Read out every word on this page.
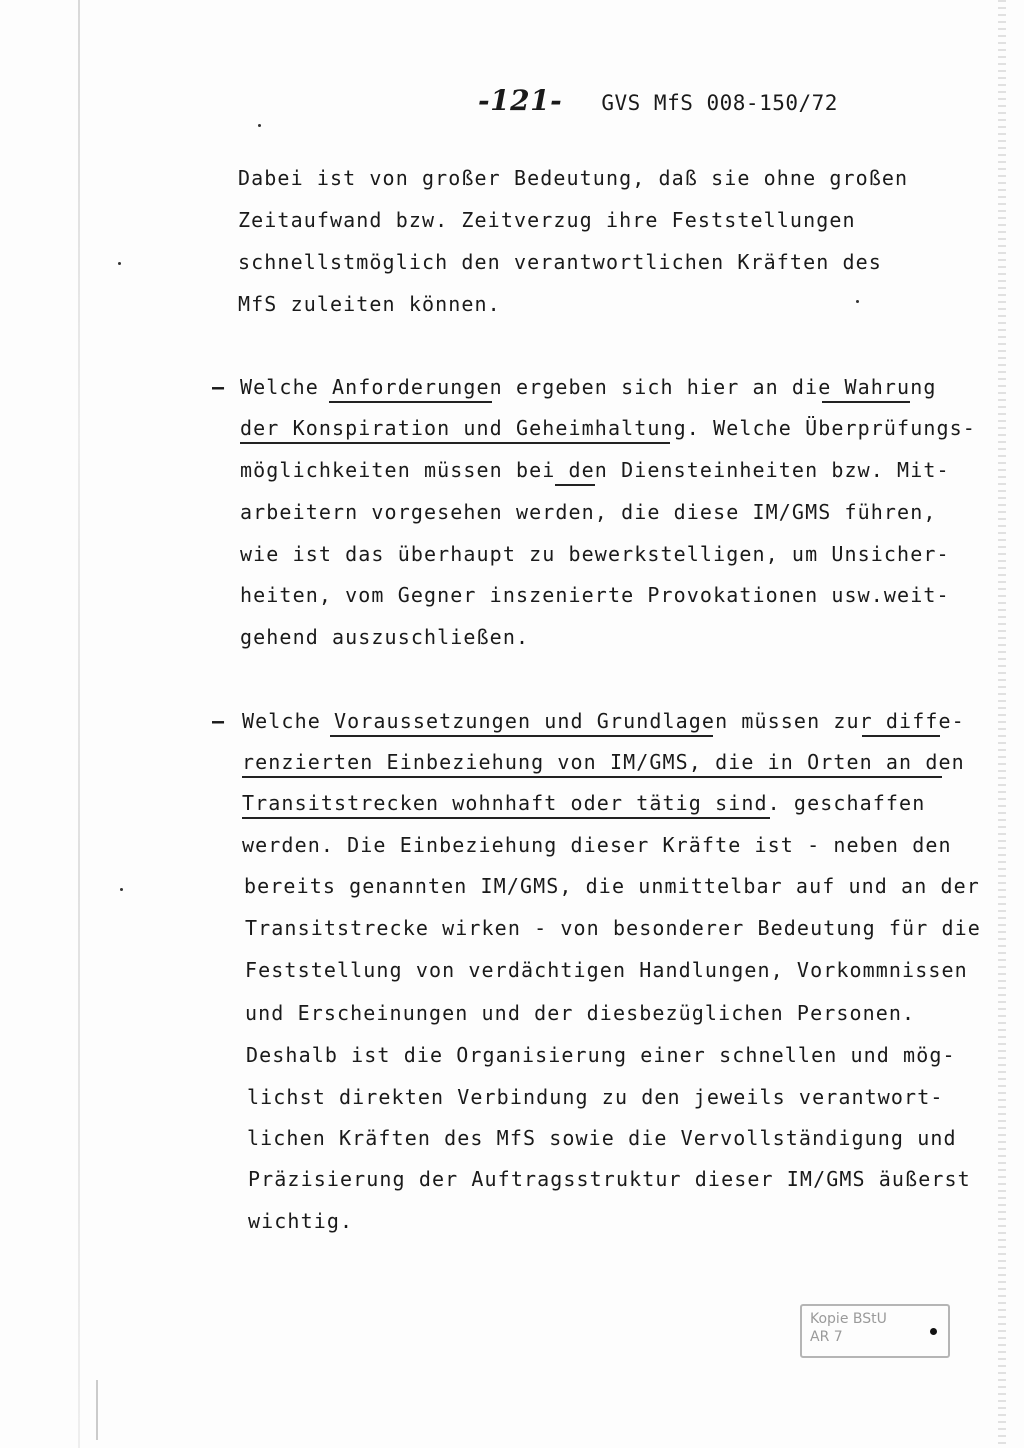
-121- GVS MfS 008-150/72
Dabei ist von großer Bedeutung, daß sie ohne großen
Zeitaufwand bzw. Zeitverzug ihre Feststellungen
schnellstmöglich den verantwortlichen Kräften des
MfS zuleiten können.
– Welche Anforderungen ergeben sich hier an die Wahrung
der Konspiration und Geheimhaltung. Welche Überprüfungs-
möglichkeiten müssen bei den Diensteinheiten bzw. Mit-
arbeitern vorgesehen werden, die diese IM/GMS führen,
wie ist das überhaupt zu bewerkstelligen, um Unsicher-
heiten, vom Gegner inszenierte Provokationen usw.weit-
gehend auszuschließen.
– Welche Voraussetzungen und Grundlagen müssen zur diffe-
renzierten Einbeziehung von IM/GMS, die in Orten an den
Transitstrecken wohnhaft oder tätig sind. geschaffen
werden. Die Einbeziehung dieser Kräfte ist - neben den
bereits genannten IM/GMS, die unmittelbar auf und an der
Transitstrecke wirken - von besonderer Bedeutung für die
Feststellung von verdächtigen Handlungen, Vorkommnissen
und Erscheinungen und der diesbezüglichen Personen.
Deshalb ist die Organisierung einer schnellen und mög-
lichst direkten Verbindung zu den jeweils verantwort-
lichen Kräften des MfS sowie die Vervollständigung und
Präzisierung der Auftragsstruktur dieser IM/GMS äußerst
wichtig.
Kopie BStU
AR 7
